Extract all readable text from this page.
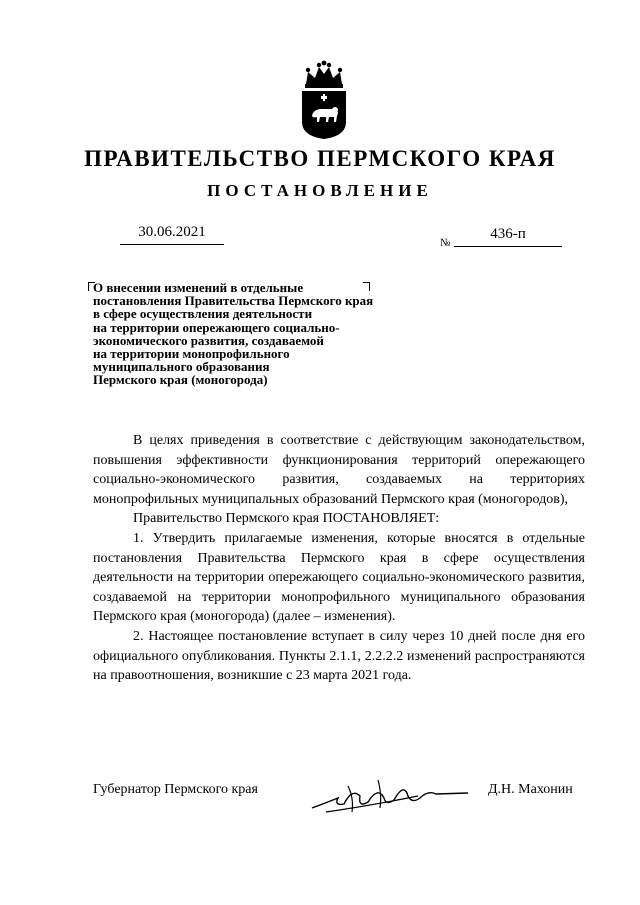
ПРАВИТЕЛЬСТВО ПЕРМСКОГО КРАЯ
ПОСТАНОВЛЕНИЕ
30.06.2021
№
436-п
О внесении изменений в отдельные
постановления Правительства Пермского края
в сфере осуществления деятельности
на территории опережающего социально-
экономического развития, создаваемой
на территории монопрофильного
муниципального образования
Пермского края (моногорода)

В целях приведения в соответствие с действующим законодательством, повышения эффективности функционирования территорий опережающего социально-экономического развития, создаваемых на территориях монопрофильных муниципальных образований Пермского края (моногородов),

Правительство Пермского края ПОСТАНОВЛЯЕТ:

1. Утвердить прилагаемые изменения, которые вносятся в отдельные постановления Правительства Пермского края в сфере осуществления деятельности на территории опережающего социально-экономического развития, создаваемой на территории монопрофильного муниципального образования Пермского края (моногорода) (далее – изменения).

2. Настоящее постановление вступает в силу через 10 дней после дня его официального опубликования. Пункты 2.1.1, 2.2.2.2 изменений распространяются на правоотношения, возникшие с 23 марта 2021 года.

Губернатор Пермского края	Д.Н. Махонин
